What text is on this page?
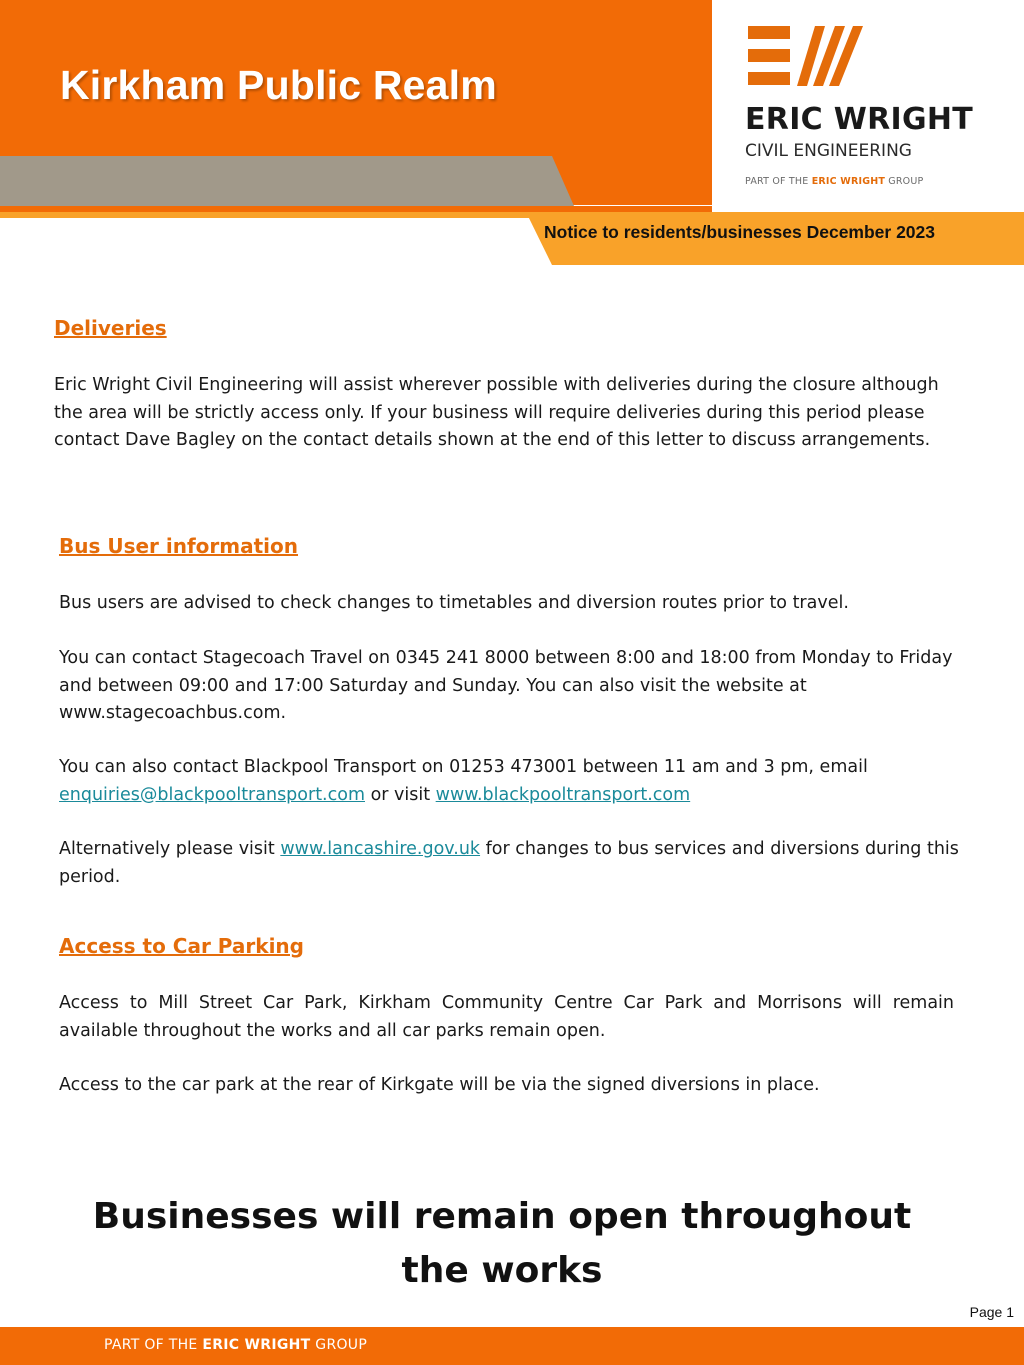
Kirkham Public Realm
ERIC WRIGHT
CIVIL ENGINEERING
PART OF THE ERIC WRIGHT GROUP
Notice to residents/businesses December 2023
Deliveries

Eric Wright Civil Engineering will assist wherever possible with deliveries during the closure although the area will be strictly access only. If your business will require deliveries during this period please contact Dave Bagley on the contact details shown at the end of this letter to discuss arrangements.

Bus User information

Bus users are advised to check changes to timetables and diversion routes prior to travel.

You can contact Stagecoach Travel on 0345 241 8000 between 8:00 and 18:00 from Monday to Friday and between 09:00 and 17:00 Saturday and Sunday. You can also visit the website at www.stagecoachbus.com.

You can also contact Blackpool Transport on 01253 473001 between 11 am and 3 pm, email enquiries@blackpooltransport.com or visit www.blackpooltransport.com

Alternatively please visit www.lancashire.gov.uk for changes to bus services and diversions during this period.

Access to Car Parking

Access to Mill Street Car Park, Kirkham Community Centre Car Park and Morrisons will remain available throughout the works and all car parks remain open.

Access to the car park at the rear of Kirkgate will be via the signed diversions in place.

Businesses will remain open throughout the works
Page 1
PART OF THE ERIC WRIGHT GROUP
